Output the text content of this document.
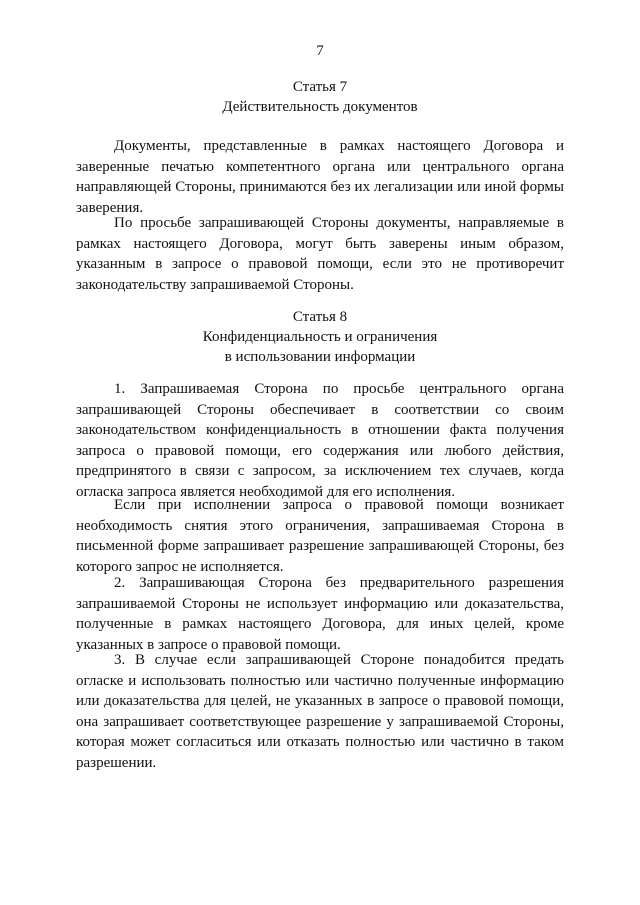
7
Статья 7
Действительность документов

Документы, представленные в рамках настоящего Договора и заверенные печатью компетентного органа или центрального органа направляющей Стороны, принимаются без их легализации или иной формы заверения.

По просьбе запрашивающей Стороны документы, направляемые в рамках настоящего Договора, могут быть заверены иным образом, указанным в запросе о правовой помощи, если это не противоречит законодательству запрашиваемой Стороны.

Статья 8
Конфиденциальность и ограничения
в использовании информации

1. Запрашиваемая Сторона по просьбе центрального органа запрашивающей Стороны обеспечивает в соответствии со своим законодательством конфиденциальность в отношении факта получения запроса о правовой помощи, его содержания или любого действия, предпринятого в связи с запросом, за исключением тех случаев, когда огласка запроса является необходимой для его исполнения.

Если при исполнении запроса о правовой помощи возникает необходимость снятия этого ограничения, запрашиваемая Сторона в письменной форме запрашивает разрешение запрашивающей Стороны, без которого запрос не исполняется.

2. Запрашивающая Сторона без предварительного разрешения запрашиваемой Стороны не использует информацию или доказательства, полученные в рамках настоящего Договора, для иных целей, кроме указанных в запросе о правовой помощи.

3. В случае если запрашивающей Стороне понадобится предать огласке и использовать полностью или частично полученные информацию или доказательства для целей, не указанных в запросе о правовой помощи, она запрашивает соответствующее разрешение у запрашиваемой Стороны, которая может согласиться или отказать полностью или частично в таком разрешении.
